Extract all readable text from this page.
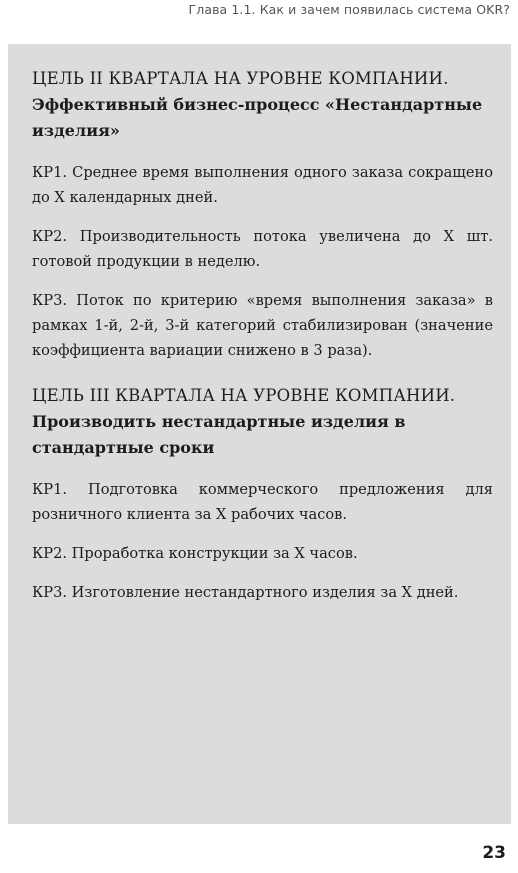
Глава 1.1. Как и зачем появилась система OKR?
ЦЕЛЬ II КВАРТАЛА НА УРОВНЕ КОМПАНИИ.
Эффективный бизнес-процесс «Нестандартные изделия»
КР1. Среднее время выполнения одного заказа сокращено до X календарных дней.
КР2. Производительность потока увеличена до X шт. готовой продукции в неделю.
КР3. Поток по критерию «время выполнения заказа» в рамках 1-й, 2-й, 3-й категорий стабилизирован (значение коэффициента вариации снижено в 3 раза).
ЦЕЛЬ III КВАРТАЛА НА УРОВНЕ КОМПАНИИ.
Производить нестандартные изделия в стандартные сроки
КР1. Подготовка коммерческого предложения для розничного клиента за X рабочих часов.
КР2. Проработка конструкции за X часов.
КР3. Изготовление нестандартного изделия за X дней.
23
